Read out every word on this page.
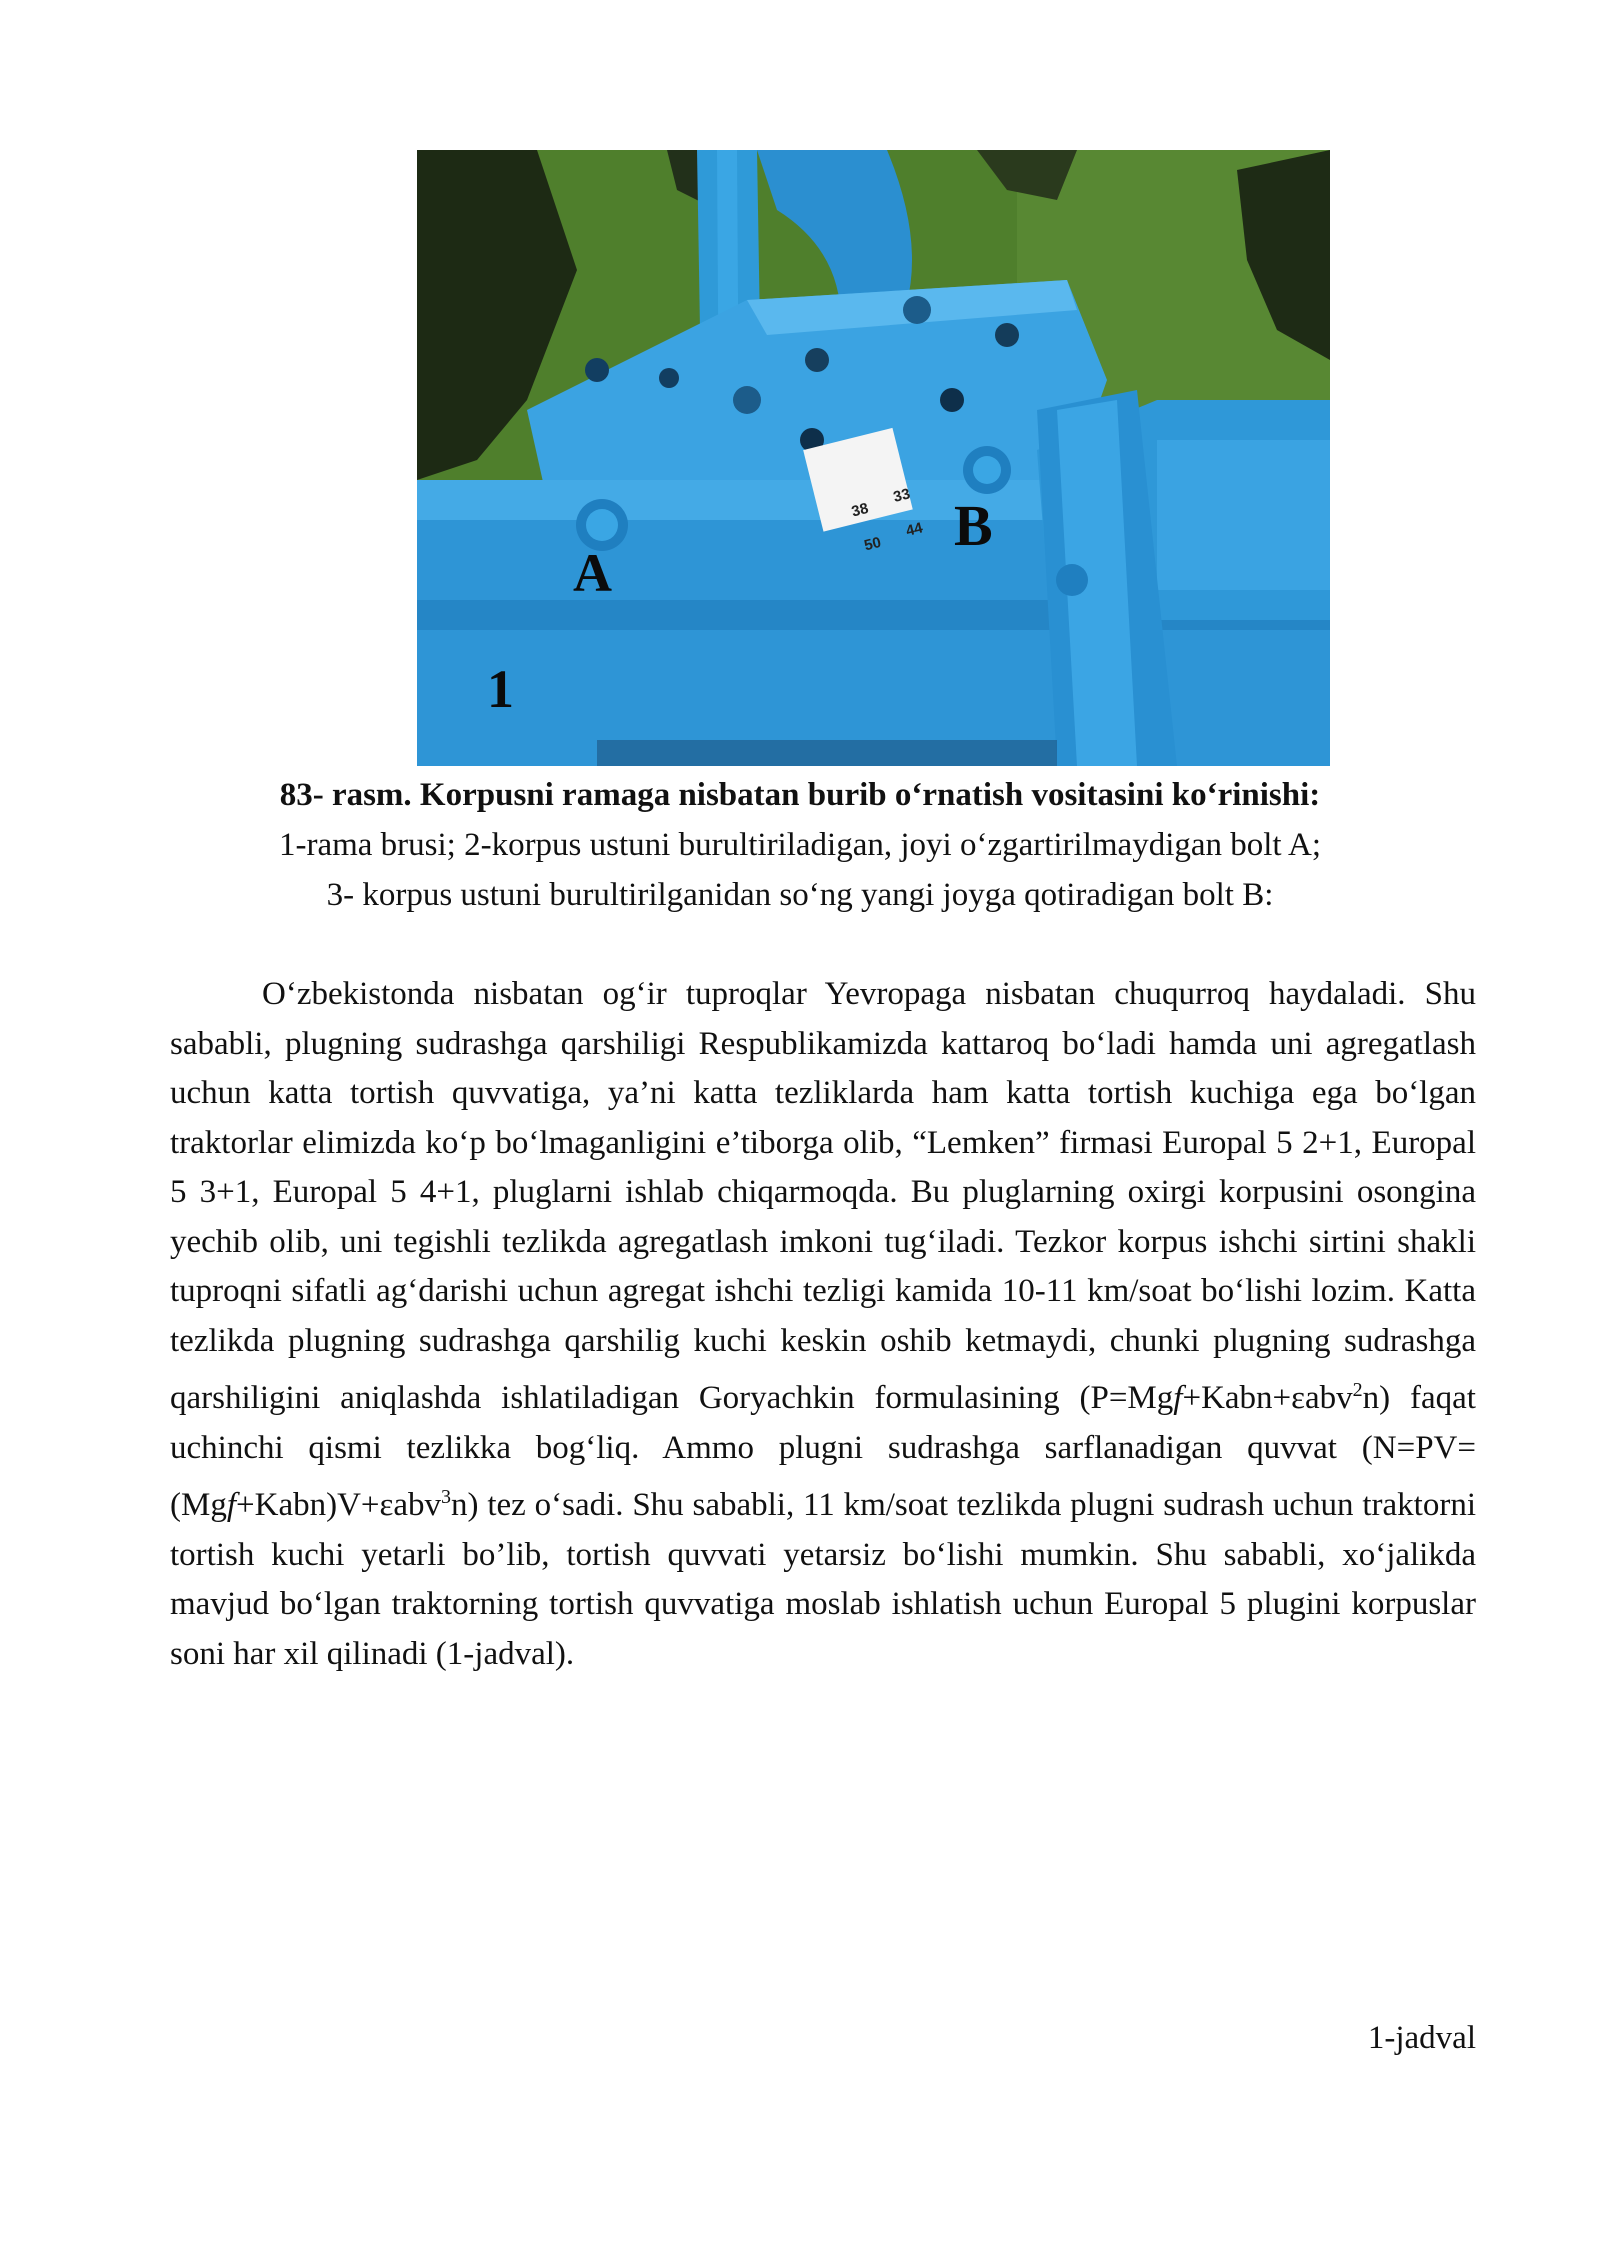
38
33
50
44
A
B
1
83- rasm. Korpusni ramaga nisbatan burib o‘rnatish vositasini ko‘rinishi:
1-rama brusi; 2-korpus ustuni burultiriladigan, joyi o‘zgartirilmaydigan bolt A;
3- korpus ustuni burultirilganidan so‘ng yangi joyga qotiradigan bolt B:

O‘zbekistonda nisbatan og‘ir tuproqlar Yevropaga nisbatan chuqurroq haydaladi. Shu sababli, plugning sudrashga qarshiligi Respublikamizda kattaroq bo‘ladi hamda uni agregatlash uchun katta tortish quvvatiga, ya’ni katta tezliklarda ham katta tortish kuchiga ega bo‘lgan traktorlar elimizda ko‘p bo‘lmaganligini e’tiborga olib, “Lemken” firmasi Europal 5 2+1, Europal 5 3+1, Europal 5 4+1, pluglarni ishlab chiqarmoqda. Bu pluglarning oxirgi korpusini osongina yechib olib, uni tegishli tezlikda agregatlash imkoni tug‘iladi. Tezkor korpus ishchi sirtini shakli tuproqni sifatli ag‘darishi uchun agregat ishchi tezligi kamida 10-11 km/soat bo‘lishi lozim. Katta tezlikda plugning sudrashga qarshilig kuchi keskin oshib ketmaydi, chunki plugning sudrashga qarshiligini aniqlashda ishlatiladigan Goryachkin formulasining (P=Mgf+Kabn+εabv$^2$n) faqat uchinchi qismi tezlikka bog‘liq. Ammo plugni sudrashga sarflanadigan quvvat (N=PV=(Mgf+Kabn)V+εabv$^3$n) tez o‘sadi. Shu sababli, 11 km/soat tezlikda plugni sudrash uchun traktorni tortish kuchi yetarli bo’lib, tortish quvvati yetarsiz bo‘lishi mumkin. Shu sababli, xo‘jalikda mavjud bo‘lgan traktorning tortish quvvatiga moslab ishlatish uchun Europal 5 plugini korpuslar soni har xil qilinadi (1-jadval).

1-jadval
